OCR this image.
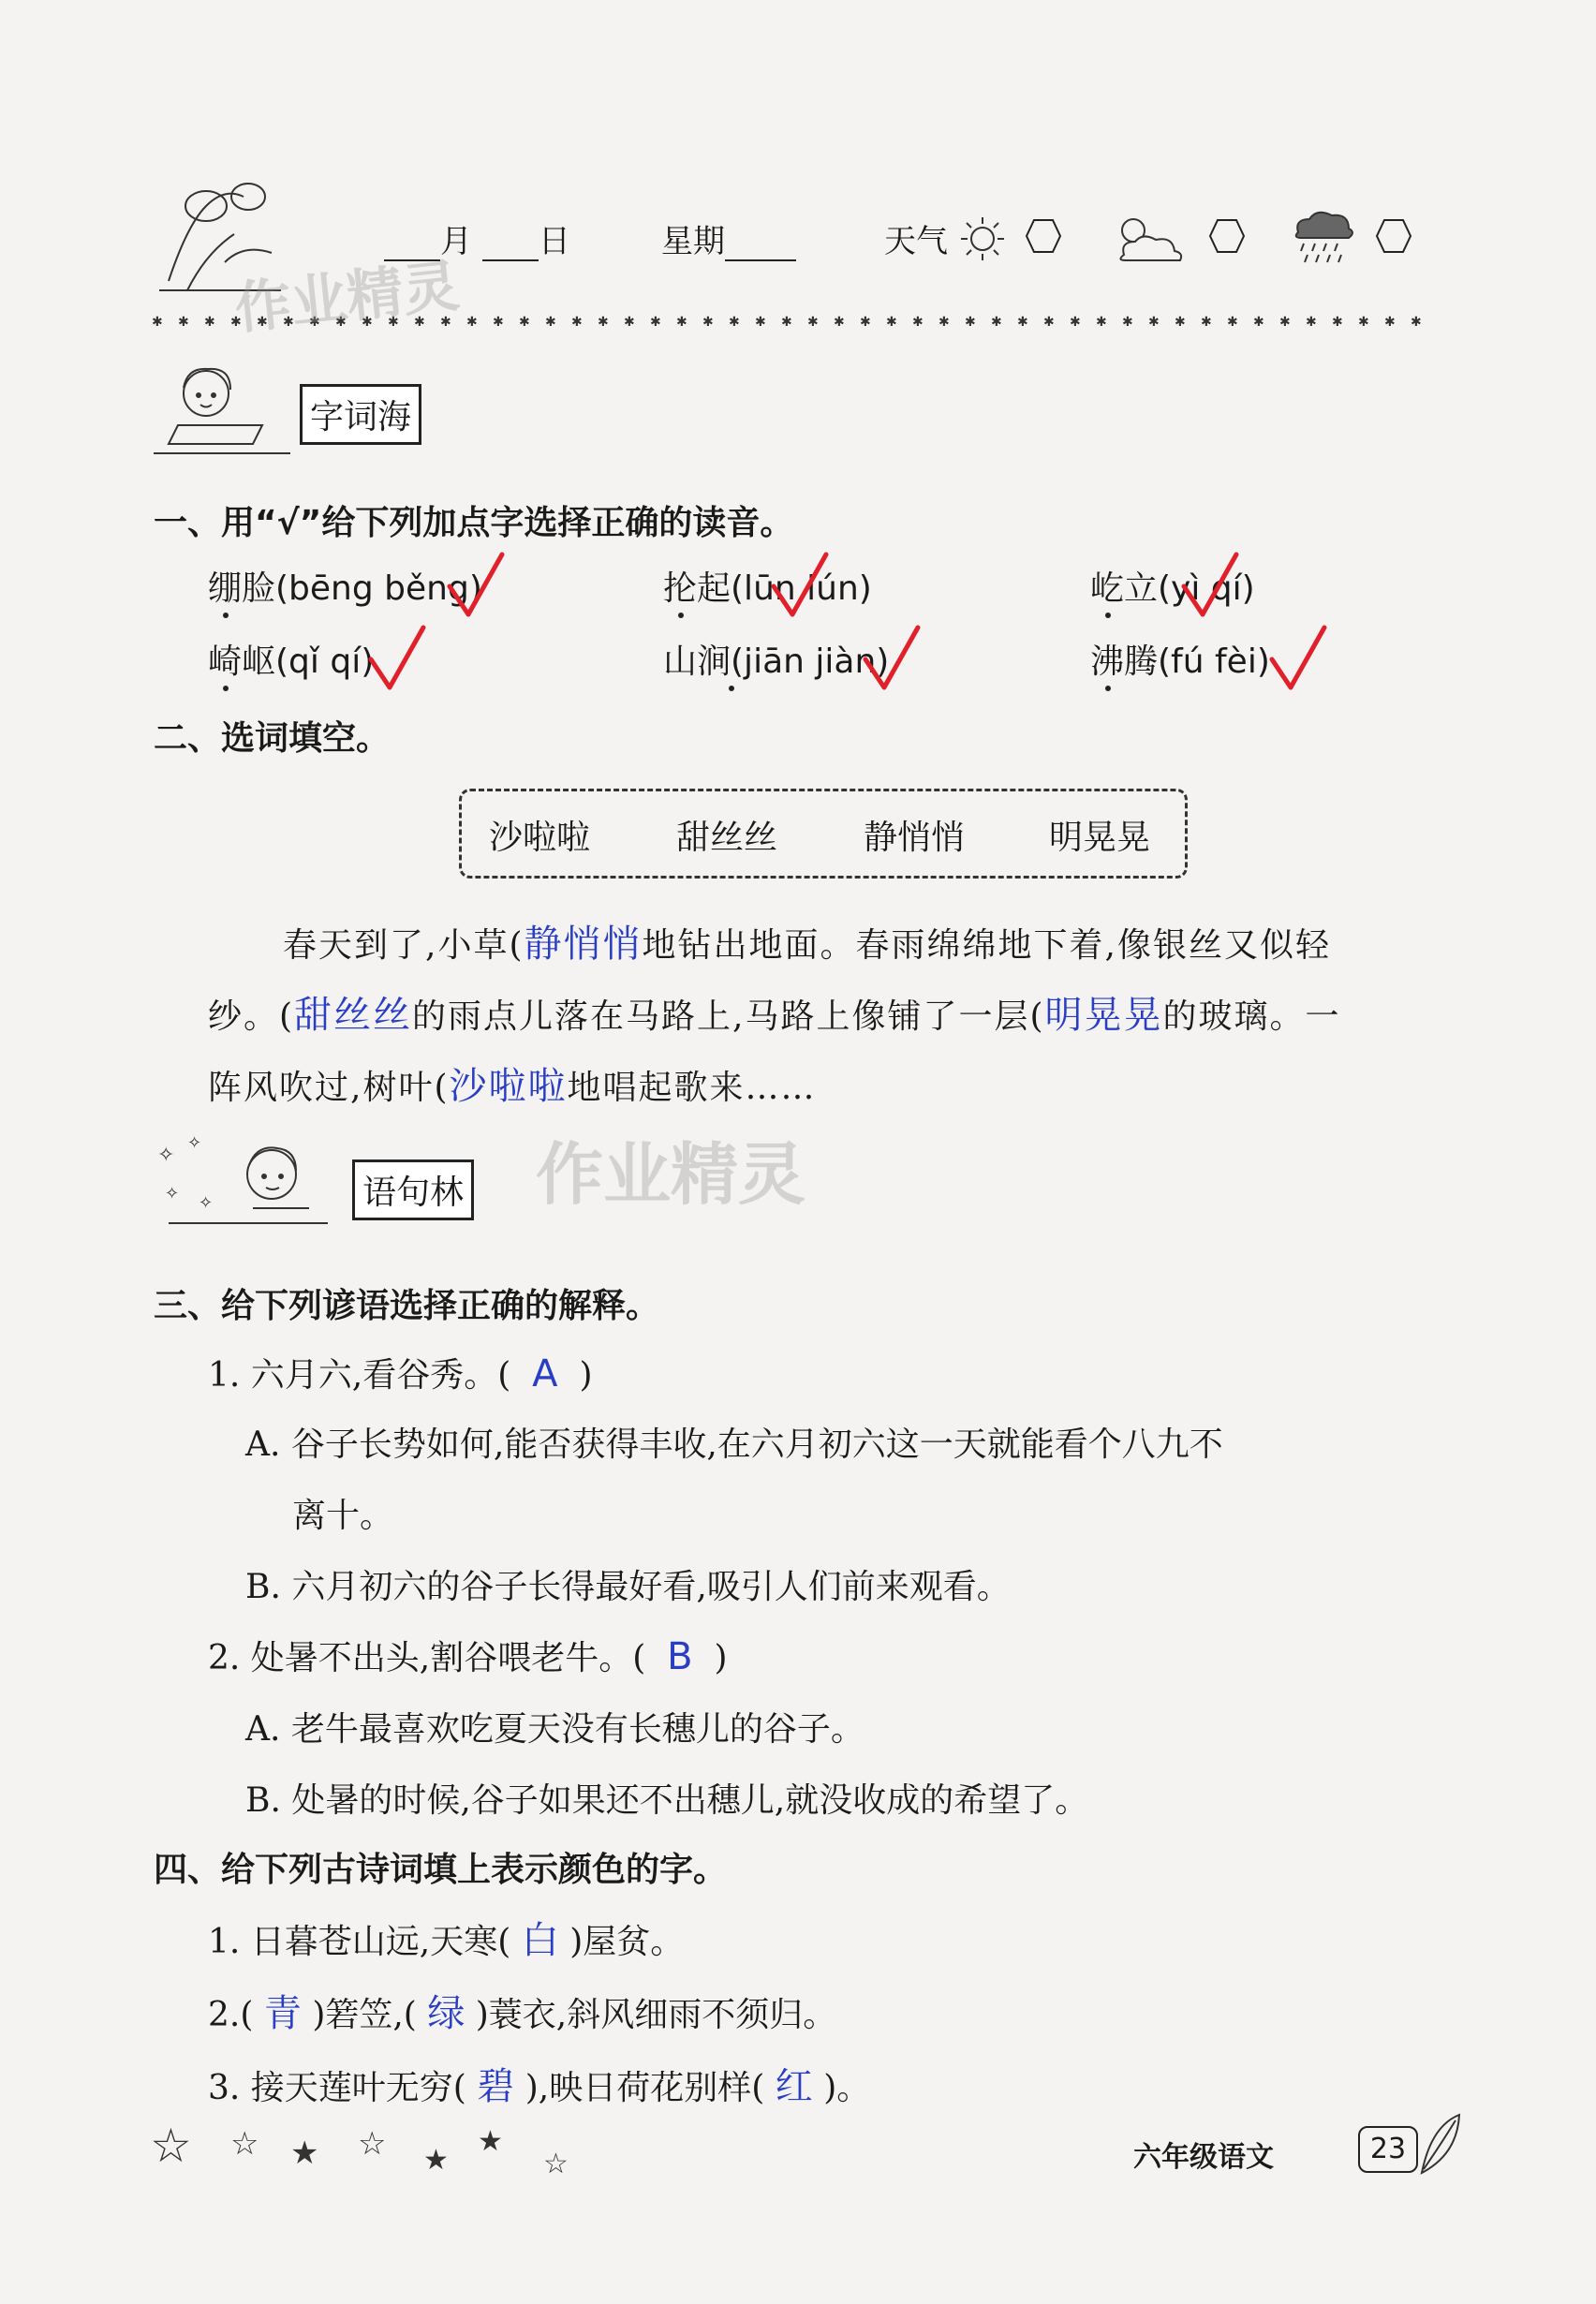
月 日	星期	天气
作业精灵
作业精灵
字词海
一、用“√”给下列加点字选择正确的读音。
绷脸(bēng běng)	抡起(lūn lún)	屹立(yì qí)
崎岖(qǐ qí)	山涧(jiān jiàn)	沸腾(fú fèi)
二、选词填空。
沙啦啦	甜丝丝	静悄悄 明晃晃
春天到了,小草(静悄悄地钻出地面。春雨绵绵地下着,像银丝又似轻
纱。(甜丝丝的雨点儿落在马路上,马路上像铺了一层(明晃晃的玻璃。一
阵风吹过,树叶(沙啦啦地唱起歌来……
✧
✧
✧ ✧	语句林
三、给下列谚语选择正确的解释。
1. 六月六,看谷秀。( A )
A. 谷子长势如何,能否获得丰收,在六月初六这一天就能看个八九不
离十。
B. 六月初六的谷子长得最好看,吸引人们前来观看。
2. 处暑不出头,割谷喂老牛。( B )
A. 老牛最喜欢吃夏天没有长穗儿的谷子。
B. 处暑的时候,谷子如果还不出穗儿,就没收成的希望了。
四、给下列古诗词填上表示颜色的字。
1. 日暮苍山远,天寒( 白 )屋贫。
2.( 青 )箬笠,( 绿 )蓑衣,斜风细雨不须归。
3. 接天莲叶无穷( 碧 ),映日荷花别样( 红 )。
☆ ☆ ★ ☆ ★
★
☆	六年级语文	23
